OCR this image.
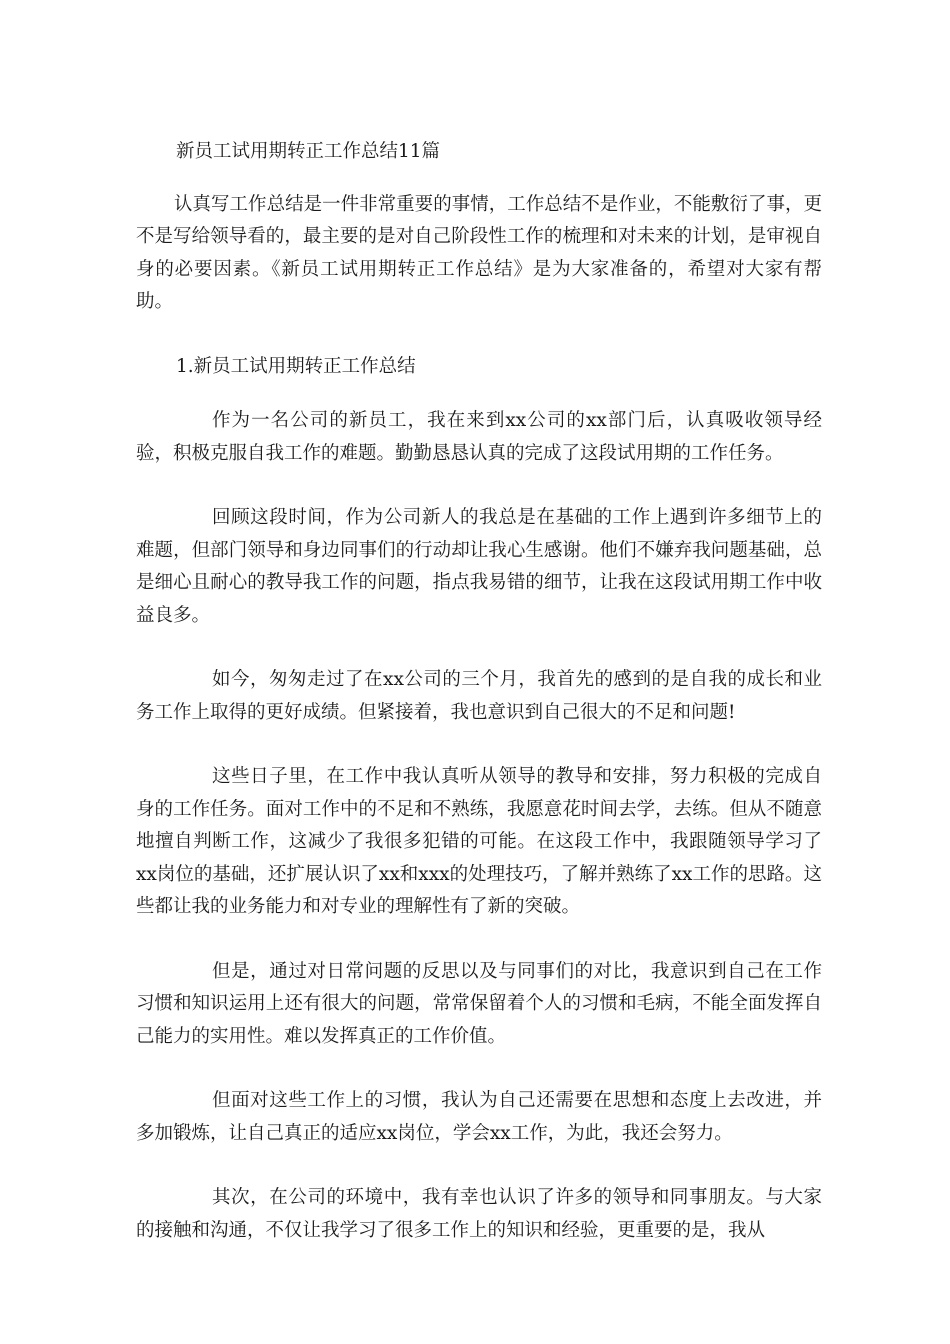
新员工试用期转正工作总结11篇

认真写工作总结是一件非常重要的事情，工作总结不是作业，不能敷衍了事，更不是写给领导看的，最主要的是对自己阶段性工作的梳理和对未来的计划，是审视自身的必要因素。《新员工试用期转正工作总结》是为大家准备的，希望对大家有帮助。

1.新员工试用期转正工作总结

作为一名公司的新员工，我在来到xx公司的xx部门后，认真吸收领导经验，积极克服自我工作的难题。勤勤恳恳认真的完成了这段试用期的工作任务。

回顾这段时间，作为公司新人的我总是在基础的工作上遇到许多细节上的难题，但部门领导和身边同事们的行动却让我心生感谢。他们不嫌弃我问题基础，总是细心且耐心的教导我工作的问题，指点我易错的细节，让我在这段试用期工作中收益良多。

如今，匆匆走过了在xx公司的三个月，我首先的感到的是自我的成长和业务工作上取得的更好成绩。但紧接着，我也意识到自己很大的不足和问题!

这些日子里，在工作中我认真听从领导的教导和安排，努力积极的完成自身的工作任务。面对工作中的不足和不熟练，我愿意花时间去学，去练。但从不随意地擅自判断工作，这减少了我很多犯错的可能。在这段工作中，我跟随领导学习了xx岗位的基础，还扩展认识了xx和xxx的处理技巧，了解并熟练了xx工作的思路。这些都让我的业务能力和对专业的理解性有了新的突破。

但是，通过对日常问题的反思以及与同事们的对比，我意识到自己在工作习惯和知识运用上还有很大的问题，常常保留着个人的习惯和毛病，不能全面发挥自己能力的实用性。难以发挥真正的工作价值。

但面对这些工作上的习惯，我认为自己还需要在思想和态度上去改进，并多加锻炼，让自己真正的适应xx岗位，学会xx工作，为此，我还会努力。

其次，在公司的环境中，我有幸也认识了许多的领导和同事朋友。与大家的接触和沟通，不仅让我学习了很多工作上的知识和经验，更重要的是，我从
